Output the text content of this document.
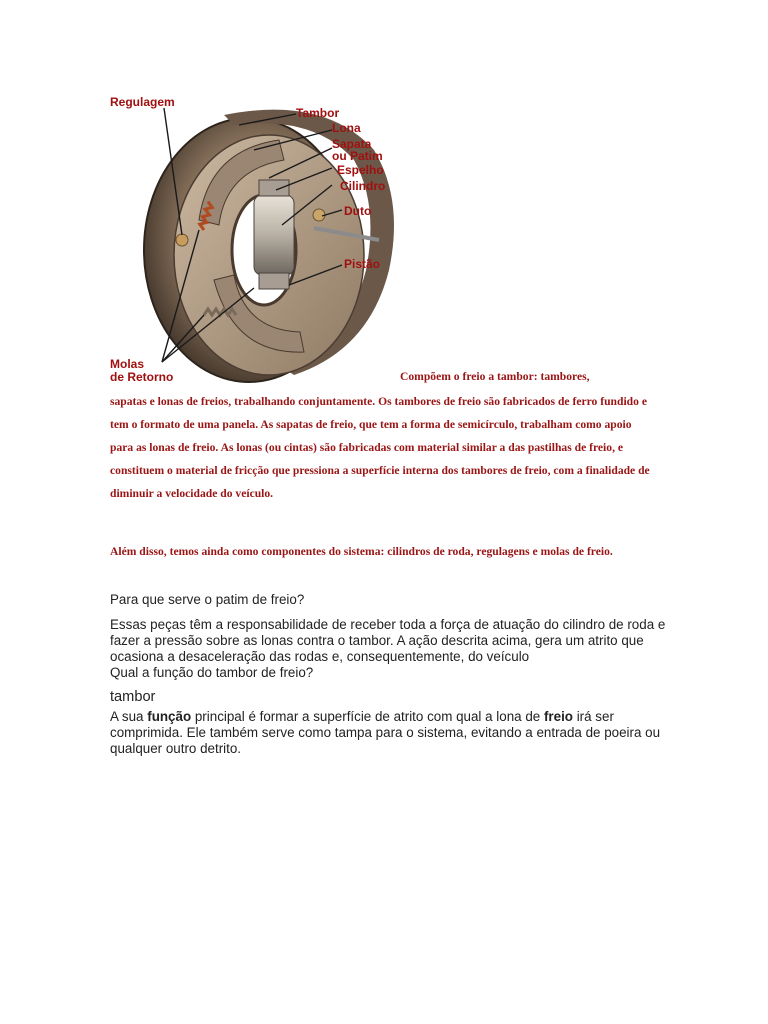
Regulagem
Tambor
Lona
Sapata
ou Patim
Espelho
Cilindro
Duto
Pistão
Molas
de Retorno	Compõem o freio a tambor: tambores,

sapatas e lonas de freios, trabalhando conjuntamente. Os tambores de freio são fabricados de ferro fundido e tem o formato de uma panela. As sapatas de freio, que tem a forma de semicírculo, trabalham como apoio para as lonas de freio. As lonas (ou cintas) são fabricadas com material similar a das pastilhas de freio, e constituem o material de fricção que pressiona a superfície interna dos tambores de freio, com a finalidade de diminuir a velocidade do veículo.

Além disso, temos ainda como componentes do sistema: cilindros de roda, regulagens e molas de freio.

Para que serve o patim de freio?

Essas peças têm a responsabilidade de receber toda a força de atuação do cilindro de roda e fazer a pressão sobre as lonas contra o tambor. A ação descrita acima, gera um atrito que ocasiona a desaceleração das rodas e, consequentemente, do veículo
Qual a função do tambor de freio?

tambor

A sua função principal é formar a superfície de atrito com qual a lona de freio irá ser comprimida. Ele também serve como tampa para o sistema, evitando a entrada de poeira ou qualquer outro detrito.
